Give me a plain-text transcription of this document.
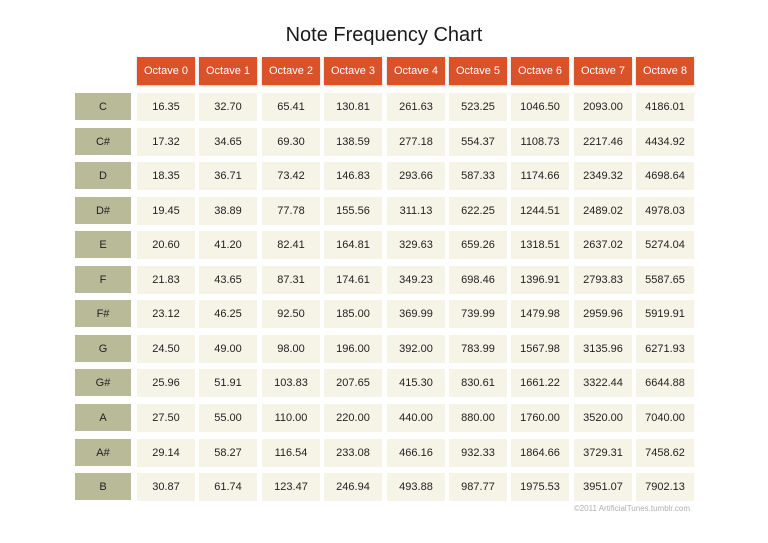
Note Frequency Chart
Octave 0	Octave 1	Octave 2	Octave 3	Octave 4	Octave 5	Octave 6	Octave 7	Octave 8
C	16.35	32.70	65.41	130.81	261.63	523.25	1046.50	2093.00	4186.01
C#	17.32	34.65	69.30	138.59	277.18	554.37	1108.73	2217.46	4434.92
D	18.35	36.71	73.42	146.83	293.66	587.33	1174.66	2349.32	4698.64
D#	19.45	38.89	77.78	155.56	311.13	622.25	1244.51	2489.02	4978.03
E	20.60	41.20	82.41	164.81	329.63	659.26	1318.51	2637.02	5274.04
F	21.83	43.65	87.31	174.61	349.23	698.46	1396.91	2793.83	5587.65
F#	23.12	46.25	92.50	185.00	369.99	739.99	1479.98	2959.96	5919.91
G	24.50	49.00	98.00	196.00	392.00	783.99	1567.98	3135.96	6271.93
G#	25.96	51.91	103.83	207.65	415.30	830.61	1661.22	3322.44	6644.88
A	27.50	55.00	110.00	220.00	440.00	880.00	1760.00	3520.00	7040.00
A#	29.14	58.27	116.54	233.08	466.16	932.33	1864.66	3729.31	7458.62
B	30.87	61.74	123.47	246.94	493.88	987.77	1975.53	3951.07	7902.13
©2011 ArtificialTunes.tumblr.com
